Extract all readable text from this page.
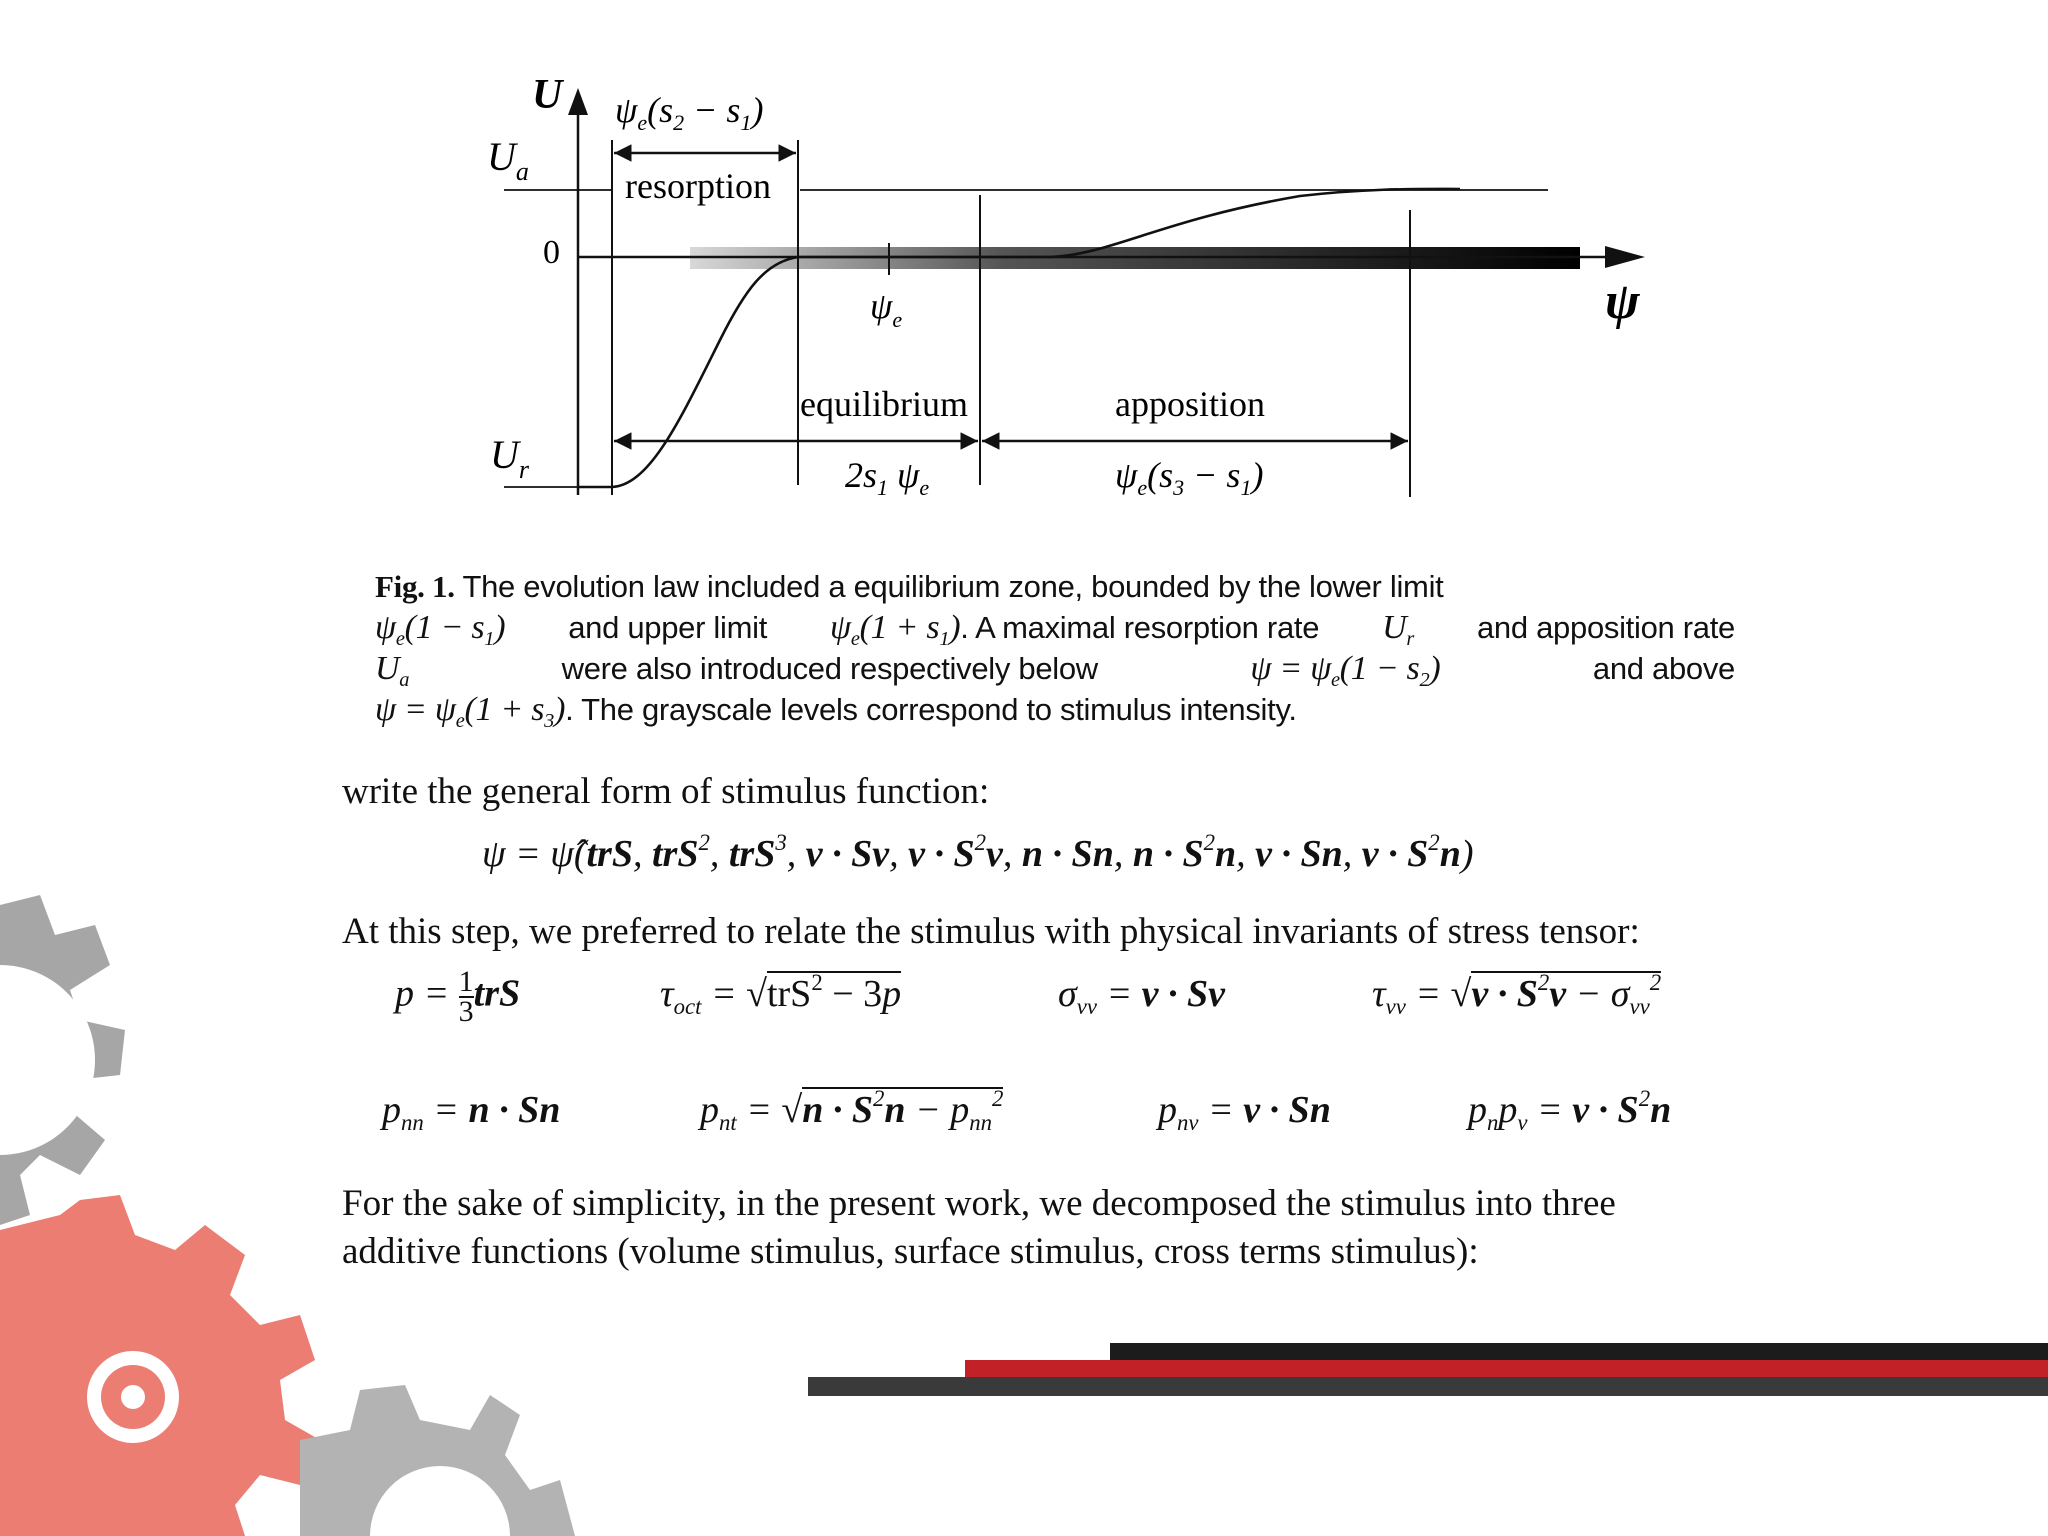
U
ψ
$U_a$
$U_r$
0
$\psi_e$
$\psi_e(s_2 - s_1)$
resorption
equilibrium
$2s_1$ $\psi_e$
apposition
$\psi_e(s_3 - s_1)$
Fig. 1. The evolution law included a equilibrium zone, bounded by the lower limit
$\psi_e(1 - s_1)$ and upper limit $\psi_e(1 + s_1)$. A maximal resorption rate $U_r$ and apposition rate
$U_a$	were also introduced respectively below	$\psi = \psi_e(1 - s_2)$	and above
$\psi = \psi_e(1 + s_3)$ . The grayscale levels correspond to stimulus intensity.
write the general form of stimulus function:
ψ = ψ̂(trS, trS$^2$, trS$^3$, v · Sv, $v \cdot S^2v$, n · Sn, $n \cdot S^2n$, v · Sn, $v \cdot S^2n$)
At this step, we preferred to relate the stimulus with physical invariants of stress tensor:
$p = \frac{1}{3}$ trS	$\tau_{oct} = √trS^2 - 3p$	$\sigma_{vv} = v \cdot Sv$	$\tau_{vv} = √v \cdot S^2v - \sigma_{vv}^2$
$p_{nn} = n \cdot Sn$	$p_{nt} = √n \cdot S^2n - p_{nn}^2$	$p_{nv} = v \cdot Sn$	$p_np_v = v \cdot S^2n$
For the sake of simplicity, in the present work, we decomposed the stimulus into three
additive functions (volume stimulus, surface stimulus, cross terms stimulus):
